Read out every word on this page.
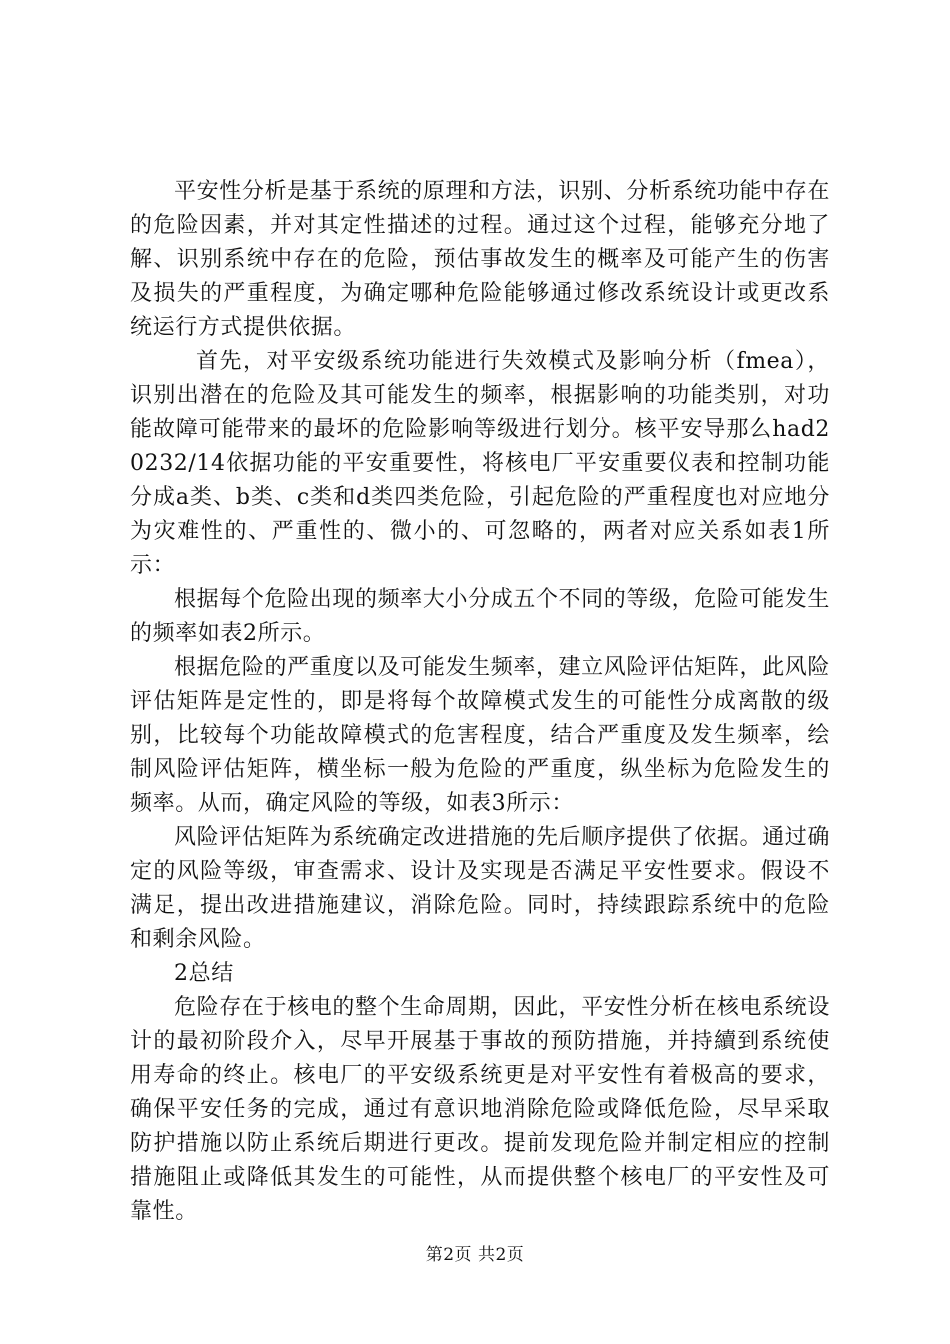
平安性分析是基于系统的原理和方法，识别、分析系统功能中存在的危险因素，并对其定性描述的过程。通过这个过程，能够充分地了解、识别系统中存在的危险，预估事故发生的概率及可能产生的伤害及损失的严重程度，为确定哪种危险能够通过修改系统设计或更改系统运行方式提供依据。

首先，对平安级系统功能进行失效模式及影响分析（fmea），识别出潜在的危险及其可能发生的频率，根据影响的功能类别，对功能故障可能带来的最坏的危险影响等级进行划分。核平安导那么had20232/14依据功能的平安重要性，将核电厂平安重要仪表和控制功能分成a类、b类、c类和d类四类危险，引起危险的严重程度也对应地分为灾难性的、严重性的、微小的、可忽略的，两者对应关系如表1所示：

根据每个危险出现的频率大小分成五个不同的等级，危险可能发生的频率如表2所示。

根据危险的严重度以及可能发生频率，建立风险评估矩阵，此风险评估矩阵是定性的，即是将每个故障模式发生的可能性分成离散的级别，比较每个功能故障模式的危害程度，结合严重度及发生频率，绘制风险评估矩阵，横坐标一般为危险的严重度，纵坐标为危险发生的频率。从而，确定风险的等级，如表3所示：

风险评估矩阵为系统确定改进措施的先后顺序提供了依据。通过确定的风险等级，审查需求、设计及实现是否满足平安性要求。假设不满足，提出改进措施建议，消除危险。同时，持续跟踪系统中的危险和剩余风险。

2总结

危险存在于核电的整个生命周期，因此，平安性分析在核电系统设计的最初阶段介入，尽早开展基于事故的预防措施，并持續到系统使用寿命的终止。核电厂的平安级系统更是对平安性有着极高的要求，确保平安任务的完成，通过有意识地消除危险或降低危险，尽早采取防护措施以防止系统后期进行更改。提前发现危险并制定相应的控制措施阻止或降低其发生的可能性，从而提供整个核电厂的平安性及可靠性。

第2页 共2页
